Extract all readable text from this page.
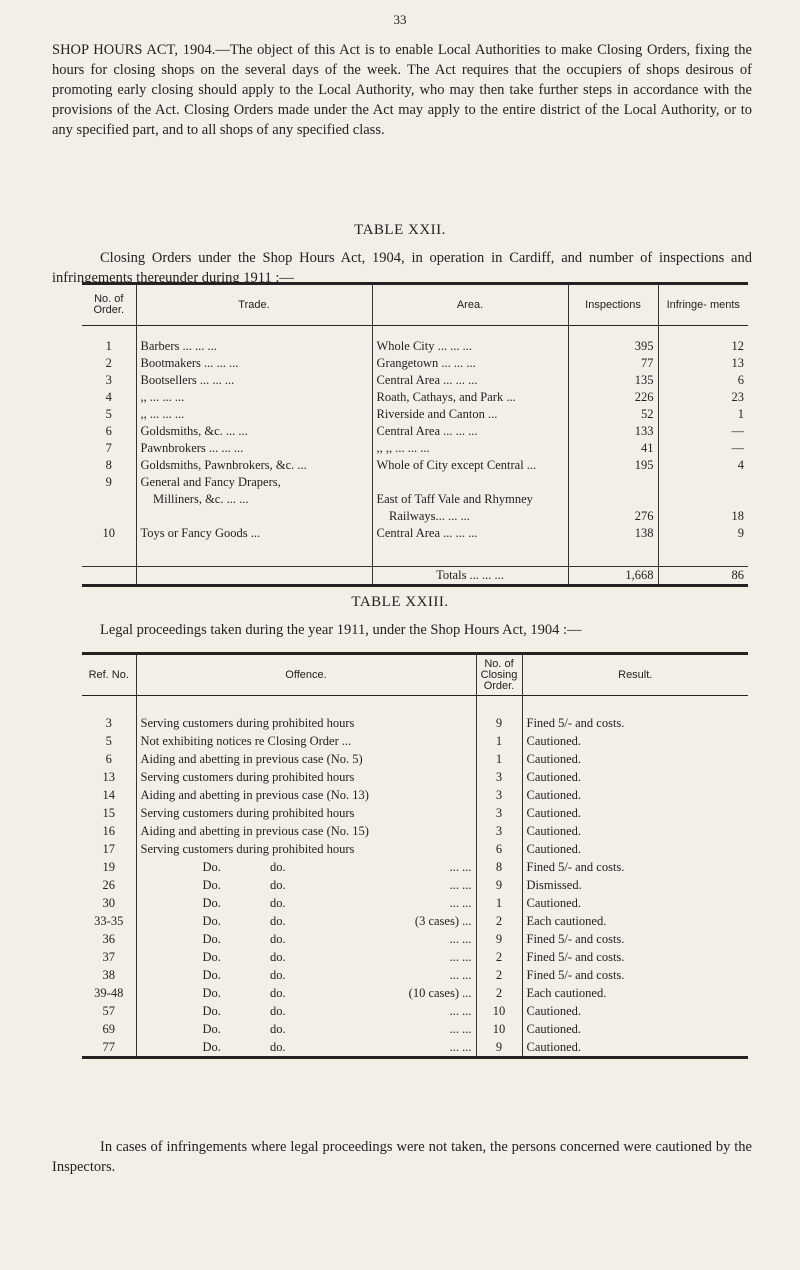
33
SHOP HOURS ACT, 1904.—The object of this Act is to enable Local Authorities to make Closing Orders, fixing the hours for closing shops on the several days of the week. The Act requires that the occupiers of shops desirous of promoting early closing should apply to the Local Authority, who may then take further steps in accordance with the provisions of the Act. Closing Orders made under the Act may apply to the entire district of the Local Authority, or to any specified part, and to all shops of any specified class.
TABLE XXII.
Closing Orders under the Shop Hours Act, 1904, in operation in Cardiff, and number of inspections and infringements thereunder during 1911 :—
No. of Order.	Trade.	Area.	Inspections	Infringe- ments

1	Barbers ... ... ...	Whole City ... ... ...	395	12
2	Bootmakers ... ... ...	Grangetown ... ... ...	77	13
3	Bootsellers ... ... ...	Central Area ... ... ...	135	6
4	,, ... ... ...	Roath, Cathays, and Park ...	226	23
5	,, ... ... ...	Riverside and Canton ...	52	1
6	Goldsmiths, &c. ... ...	Central Area ... ... ...	133	—
7	Pawnbrokers ... ... ...	,, ,, ... ... ...	41	—
8	Goldsmiths, Pawnbrokers, &c. ...	Whole of City except Central ...	195	4
9	General and Fancy Drapers,			
	Milliners, &c. ... ...	East of Taff Vale and Rhymney		
		Railways... ... ...	276	18
10	Toys or Fancy Goods ...	Central Area ... ... ...	138	9

		Totals ... ... ...	1,668	86
TABLE XXIII.
Legal proceedings taken during the year 1911, under the Shop Hours Act, 1904 :—
Ref. No.	Offence.			No. of Closing Order.	Result.

3	Serving customers during prohibited hours			9	Fined 5/- and costs.
5	Not exhibiting notices re Closing Order ...			1	Cautioned.
6	Aiding and abetting in previous case (No. 5)			1	Cautioned.
13	Serving customers during prohibited hours			3	Cautioned.
14	Aiding and abetting in previous case (No. 13)			3	Cautioned.
15	Serving customers during prohibited hours			3	Cautioned.
16	Aiding and abetting in previous case (No. 15)			3	Cautioned.
17	Serving customers during prohibited hours			6	Cautioned.
19	Do.	do.	... ...	8	Fined 5/- and costs.
26	Do.	do.	... ...	9	Dismissed.
30	Do.	do.	... ...	1	Cautioned.
33-35	Do.	do.	(3 cases) ...	2	Each cautioned.
36	Do.	do.	... ...	9	Fined 5/- and costs.
37	Do.	do.	... ...	2	Fined 5/- and costs.
38	Do.	do.	... ...	2	Fined 5/- and costs.
39-48	Do.	do.	(10 cases) ...	2	Each cautioned.
57	Do.	do.	... ...	10	Cautioned.
69	Do.	do.	... ...	10	Cautioned.
77	Do.	do.	... ...	9	Cautioned.
In cases of infringements where legal proceedings were not taken, the persons concerned were cautioned by the Inspectors.
